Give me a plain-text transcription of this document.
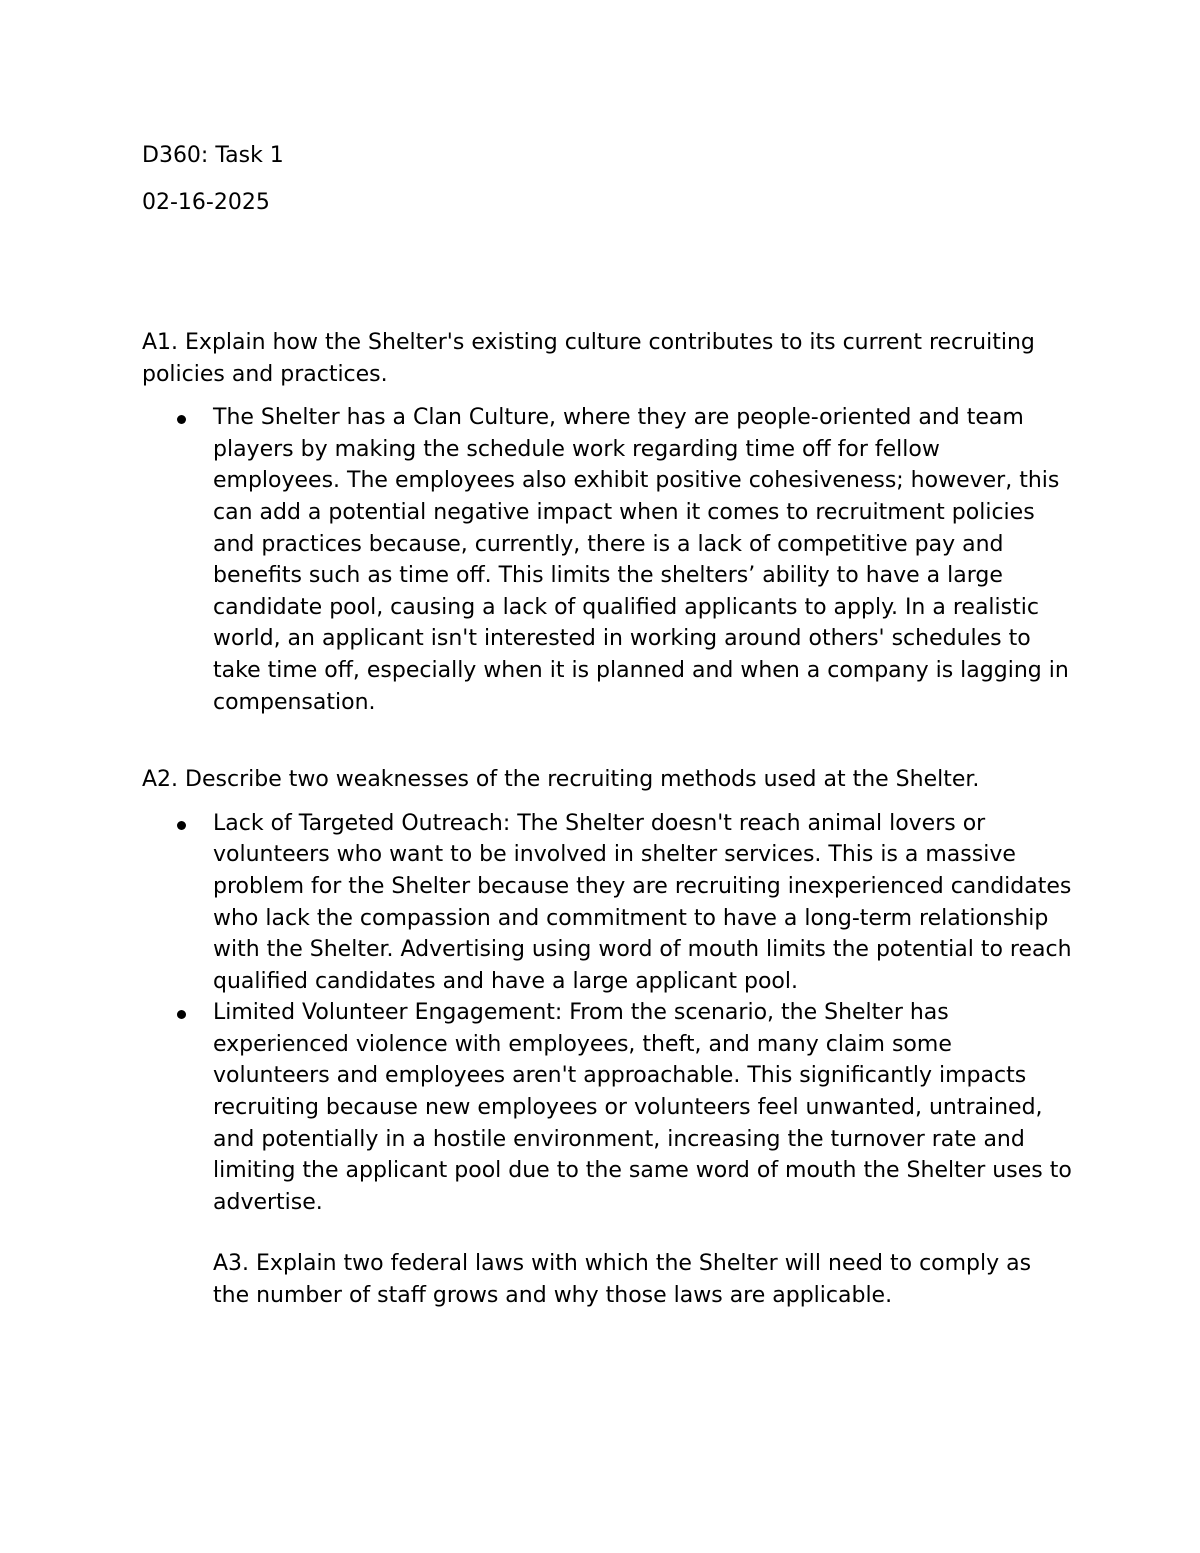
D360: Task 1

02-16-2025

A1. Explain how the Shelter's existing culture contributes to its current recruiting policies and practices.

The Shelter has a Clan Culture, where they are people-oriented and team players by making the schedule work regarding time off for fellow employees. The employees also exhibit positive cohesiveness; however, this can add a potential negative impact when it comes to recruitment policies and practices because, currently, there is a lack of competitive pay and benefits such as time off. This limits the shelters’ ability to have a large candidate pool, causing a lack of qualified applicants to apply. In a realistic world, an applicant isn't interested in working around others' schedules to take time off, especially when it is planned and when a company is lagging in compensation.

A2. Describe two weaknesses of the recruiting methods used at the Shelter.

Lack of Targeted Outreach: The Shelter doesn't reach animal lovers or volunteers who want to be involved in shelter services. This is a massive problem for the Shelter because they are recruiting inexperienced candidates who lack the compassion and commitment to have a long-term relationship with the Shelter. Advertising using word of mouth limits the potential to reach qualified candidates and have a large applicant pool.
Limited Volunteer Engagement: From the scenario, the Shelter has experienced violence with employees, theft, and many claim some volunteers and employees aren't approachable. This significantly impacts recruiting because new employees or volunteers feel unwanted, untrained, and potentially in a hostile environment, increasing the turnover rate and limiting the applicant pool due to the same word of mouth the Shelter uses to advertise.

A3. Explain two federal laws with which the Shelter will need to comply as the number of staff grows and why those laws are applicable.
